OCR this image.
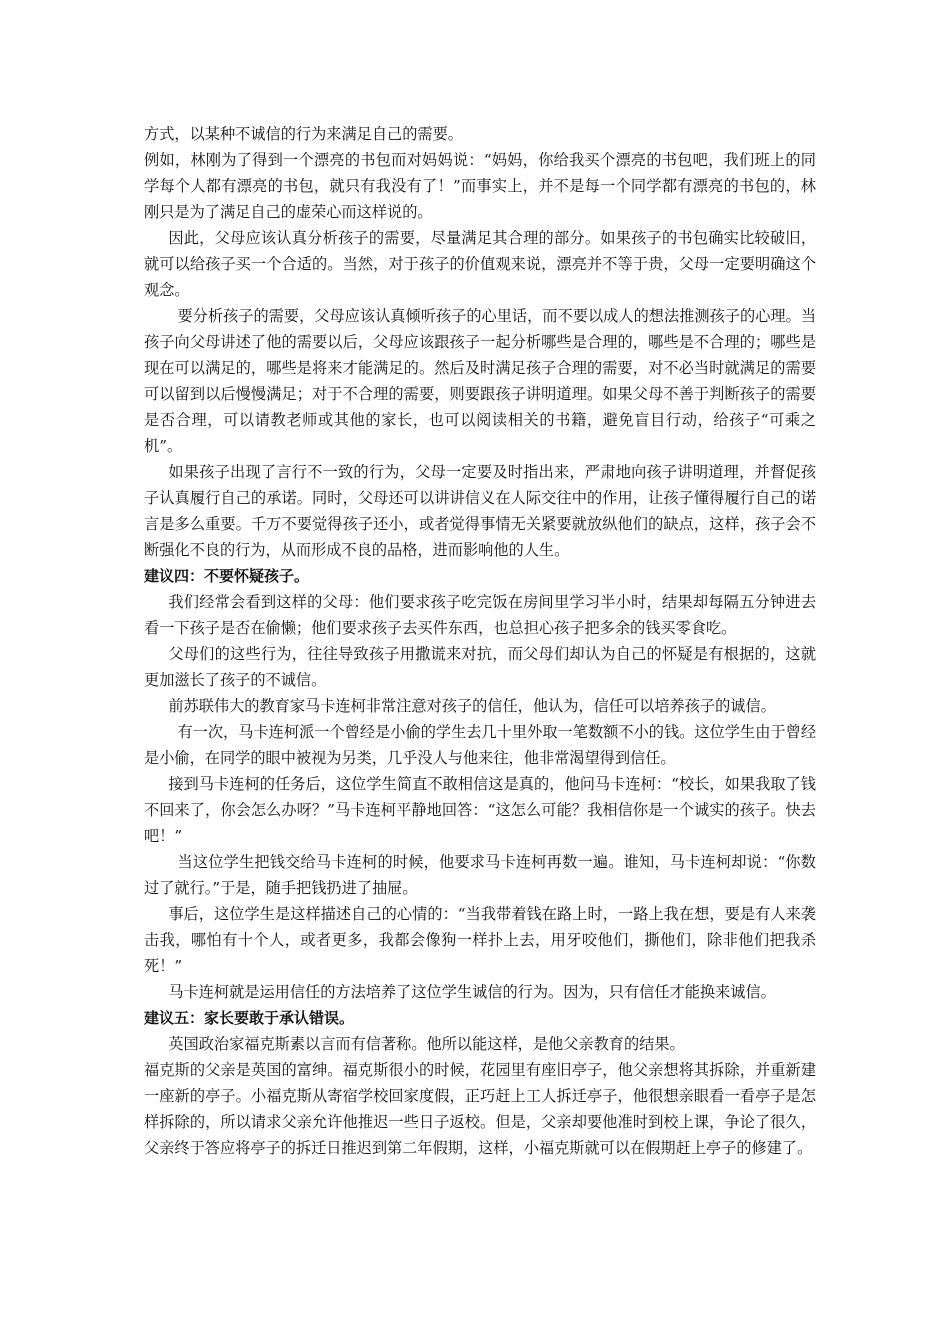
方式，以某种不诚信的行为来满足自己的需要。

例如，林刚为了得到一个漂亮的书包而对妈妈说：“妈妈，你给我买个漂亮的书包吧，我们班上的同学每个人都有漂亮的书包，就只有我没有了！”而事实上，并不是每一个同学都有漂亮的书包的，林刚只是为了满足自己的虚荣心而这样说的。

因此，父母应该认真分析孩子的需要，尽量满足其合理的部分。如果孩子的书包确实比较破旧，就可以给孩子买一个合适的。当然，对于孩子的价值观来说，漂亮并不等于贵，父母一定要明确这个观念。

要分析孩子的需要，父母应该认真倾听孩子的心里话，而不要以成人的想法推测孩子的心理。当孩子向父母讲述了他的需要以后，父母应该跟孩子一起分析哪些是合理的，哪些是不合理的；哪些是现在可以满足的，哪些是将来才能满足的。然后及时满足孩子合理的需要，对不必当时就满足的需要可以留到以后慢慢满足；对于不合理的需要，则要跟孩子讲明道理。如果父母不善于判断孩子的需要是否合理，可以请教老师或其他的家长，也可以阅读相关的书籍，避免盲目行动，给孩子“可乘之机”。

如果孩子出现了言行不一致的行为，父母一定要及时指出来，严肃地向孩子讲明道理，并督促孩子认真履行自己的承诺。同时，父母还可以讲讲信义在人际交往中的作用，让孩子懂得履行自己的诺言是多么重要。千万不要觉得孩子还小，或者觉得事情无关紧要就放纵他们的缺点，这样，孩子会不断强化不良的行为，从而形成不良的品格，进而影响他的人生。

建议四：不要怀疑孩子。

我们经常会看到这样的父母：他们要求孩子吃完饭在房间里学习半小时，结果却每隔五分钟进去看一下孩子是否在偷懒；他们要求孩子去买件东西，也总担心孩子把多余的钱买零食吃。

父母们的这些行为，往往导致孩子用撒谎来对抗，而父母们却认为自己的怀疑是有根据的，这就更加滋长了孩子的不诚信。

前苏联伟大的教育家马卡连柯非常注意对孩子的信任，他认为，信任可以培养孩子的诚信。

有一次，马卡连柯派一个曾经是小偷的学生去几十里外取一笔数额不小的钱。这位学生由于曾经是小偷，在同学的眼中被视为另类，几乎没人与他来往，他非常渴望得到信任。

接到马卡连柯的任务后，这位学生简直不敢相信这是真的，他问马卡连柯：“校长，如果我取了钱不回来了，你会怎么办呀？”马卡连柯平静地回答：“这怎么可能？我相信你是一个诚实的孩子。快去吧！”

当这位学生把钱交给马卡连柯的时候，他要求马卡连柯再数一遍。谁知，马卡连柯却说：“你数过了就行。”于是，随手把钱扔进了抽屉。

事后，这位学生是这样描述自己的心情的：“当我带着钱在路上时，一路上我在想，要是有人来袭击我，哪怕有十个人，或者更多，我都会像狗一样扑上去，用牙咬他们，撕他们，除非他们把我杀死！”

马卡连柯就是运用信任的方法培养了这位学生诚信的行为。因为，只有信任才能换来诚信。

建议五：家长要敢于承认错误。

英国政治家福克斯素以言而有信著称。他所以能这样，是他父亲教育的结果。

福克斯的父亲是英国的富绅。福克斯很小的时候，花园里有座旧亭子，他父亲想将其拆除，并重新建一座新的亭子。小福克斯从寄宿学校回家度假，正巧赶上工人拆迁亭子，他很想亲眼看一看亭子是怎样拆除的，所以请求父亲允许他推迟一些日子返校。但是，父亲却要他准时到校上课，争论了很久，父亲终于答应将亭子的拆迁日推迟到第二年假期，这样，小福克斯就可以在假期赶上亭子的修建了。
